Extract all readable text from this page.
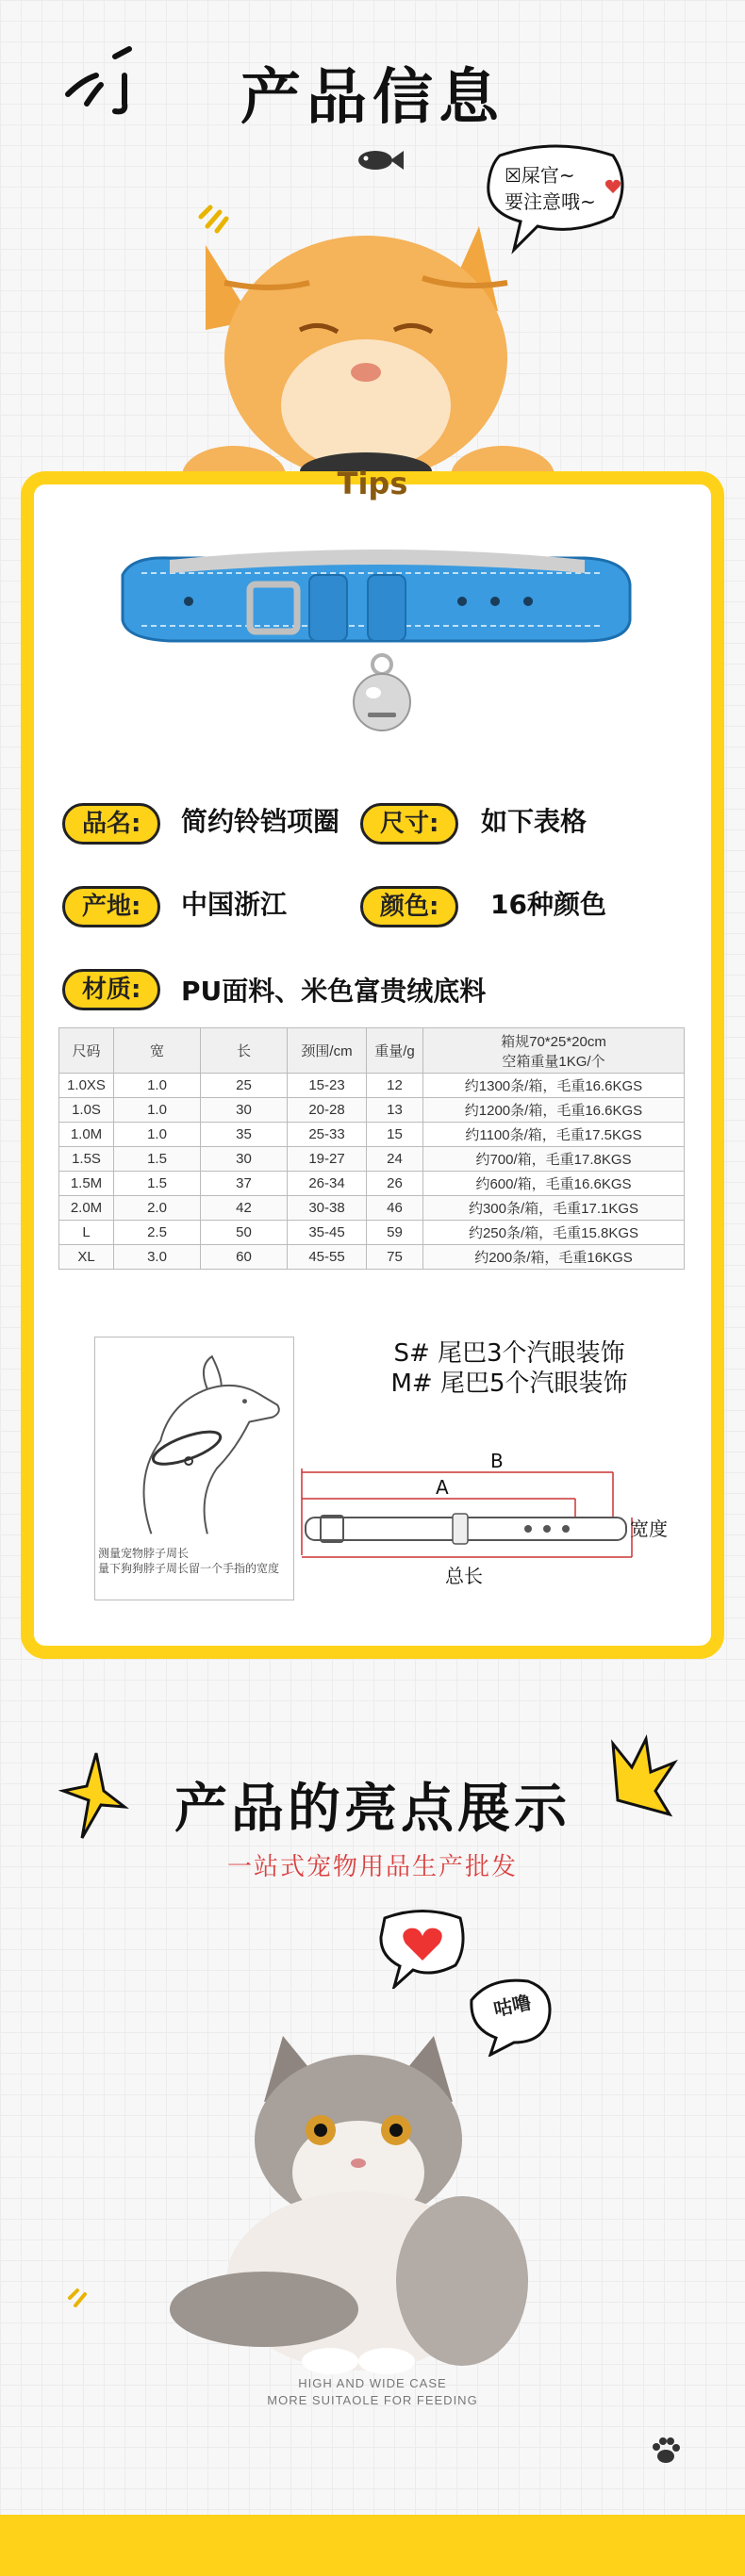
产品信息
☒屎官~
要注意哦~
Tips
品名:	简约铃铛项圈	尺寸:	如下表格
产地:	中国浙江	颜色:	16种颜色
材质:	PU面料、米色富贵绒底料
尺码	宽	长	颈围/cm	重量/g	箱规70*25*20cm
空箱重量1KG/个

1.0XS	1.0	25	15-23	12	约1300条/箱，毛重16.6KGS
1.0S	1.0	30	20-28	13	约1200条/箱，毛重16.6KGS
1.0M	1.0	35	25-33	15	约1100条/箱，毛重17.5KGS
1.5S	1.5	30	19-27	24	约700/箱，毛重17.8KGS
1.5M	1.5	37	26-34	26	约600/箱，毛重16.6KGS
2.0M	2.0	42	30-38	46	约300条/箱，毛重17.1KGS
L	2.5	50	35-45	59	约250条/箱，毛重15.8KGS
XL	3.0	60	45-55	75	约200条/箱，毛重16KGS
测量宠物脖子周长
量下狗狗脖子周长留一个手指的宽度
S# 尾巴3个汽眼装饰
M# 尾巴5个汽眼装饰
B
A
宽度
总长
产品的亮点展示
一站式宠物用品生产批发
咕噜
HIGH AND WIDE CASE
MORE SUITAOLE FOR FEEDING
